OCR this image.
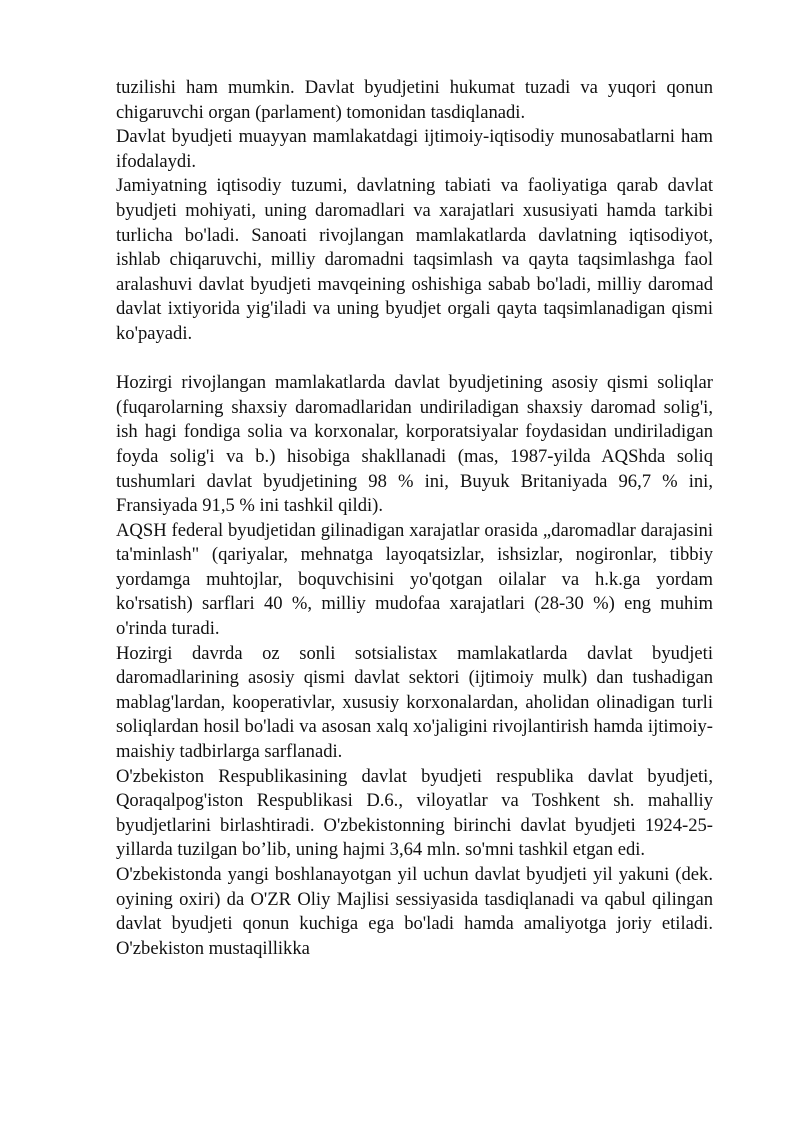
tuzilishi ham mumkin. Davlat byudjetini hukumat tuzadi va yuqori qonun chigaruvchi organ (parlament) tomonidan tasdiqlanadi.

Davlat byudjeti muayyan mamlakatdagi ijtimoiy-iqtisodiy munosabatlarni ham ifodalaydi.

Jamiyatning iqtisodiy tuzumi, davlatning tabiati va faoliyatiga qarab davlat byudjeti mohiyati, uning daromadlari va xarajatlari xususiyati hamda tarkibi turlicha bo'ladi. Sanoati rivojlangan mamlakatlarda davlatning iqtisodiyot, ishlab chiqaruvchi, milliy daromadni taqsimlash va qayta taqsimlashga faol aralashuvi davlat byudjeti mavqeining oshishiga sabab bo'ladi, milliy daromad davlat ixtiyorida yig'iladi va uning byudjet orgali qayta taqsimlanadigan qismi ko'payadi.

Hozirgi rivojlangan mamlakatlarda davlat byudjetining asosiy qismi soliqlar (fuqarolarning shaxsiy daromadlaridan undiriladigan shaxsiy daromad solig'i, ish hagi fondiga solia va korxonalar, korporatsiyalar foydasidan undiriladigan foyda solig'i va b.) hisobiga shakllanadi (mas, 1987-yilda AQShda soliq tushumlari davlat byudjetining 98 % ini, Buyuk Britaniyada 96,7 % ini, Fransiyada 91,5 % ini tashkil qildi).

AQSH federal byudjetidan gilinadigan xarajatlar orasida „daromadlar darajasini ta'minlash" (qariyalar, mehnatga layoqatsizlar, ishsizlar, nogironlar, tibbiy yordamga muhtojlar, boquvchisini yo'qotgan oilalar va h.k.ga yordam ko'rsatish) sarflari 40 %, milliy mudofaa xarajatlari (28-30 %) eng muhim o'rinda turadi.

Hozirgi davrda oz sonli sotsialistax mamlakatlarda davlat byudjeti daromadlarining asosiy qismi davlat sektori (ijtimoiy mulk) dan tushadigan mablag'lardan, kooperativlar, xususiy korxonalardan, aholidan olinadigan turli soliqlardan hosil bo'ladi va asosan xalq xo'jaligini rivojlantirish hamda ijtimoiy-maishiy tadbirlarga sarflanadi.

O'zbekiston Respublikasining davlat byudjeti respublika davlat byudjeti, Qoraqalpog'iston Respublikasi D.6., viloyatlar va Toshkent sh. mahalliy byudjetlarini birlashtiradi. O'zbekistonning birinchi davlat byudjeti 1924-25-yillarda tuzilgan bo’lib, uning hajmi 3,64 mln. so'mni tashkil etgan edi.

O'zbekistonda yangi boshlanayotgan yil uchun davlat byudjeti yil yakuni (dek. oyining oxiri) da O'ZR Oliy Majlisi sessiyasida tasdiqlanadi va qabul qilingan davlat byudjeti qonun kuchiga ega bo'ladi hamda amaliyotga joriy etiladi. O'zbekiston mustaqillikka
